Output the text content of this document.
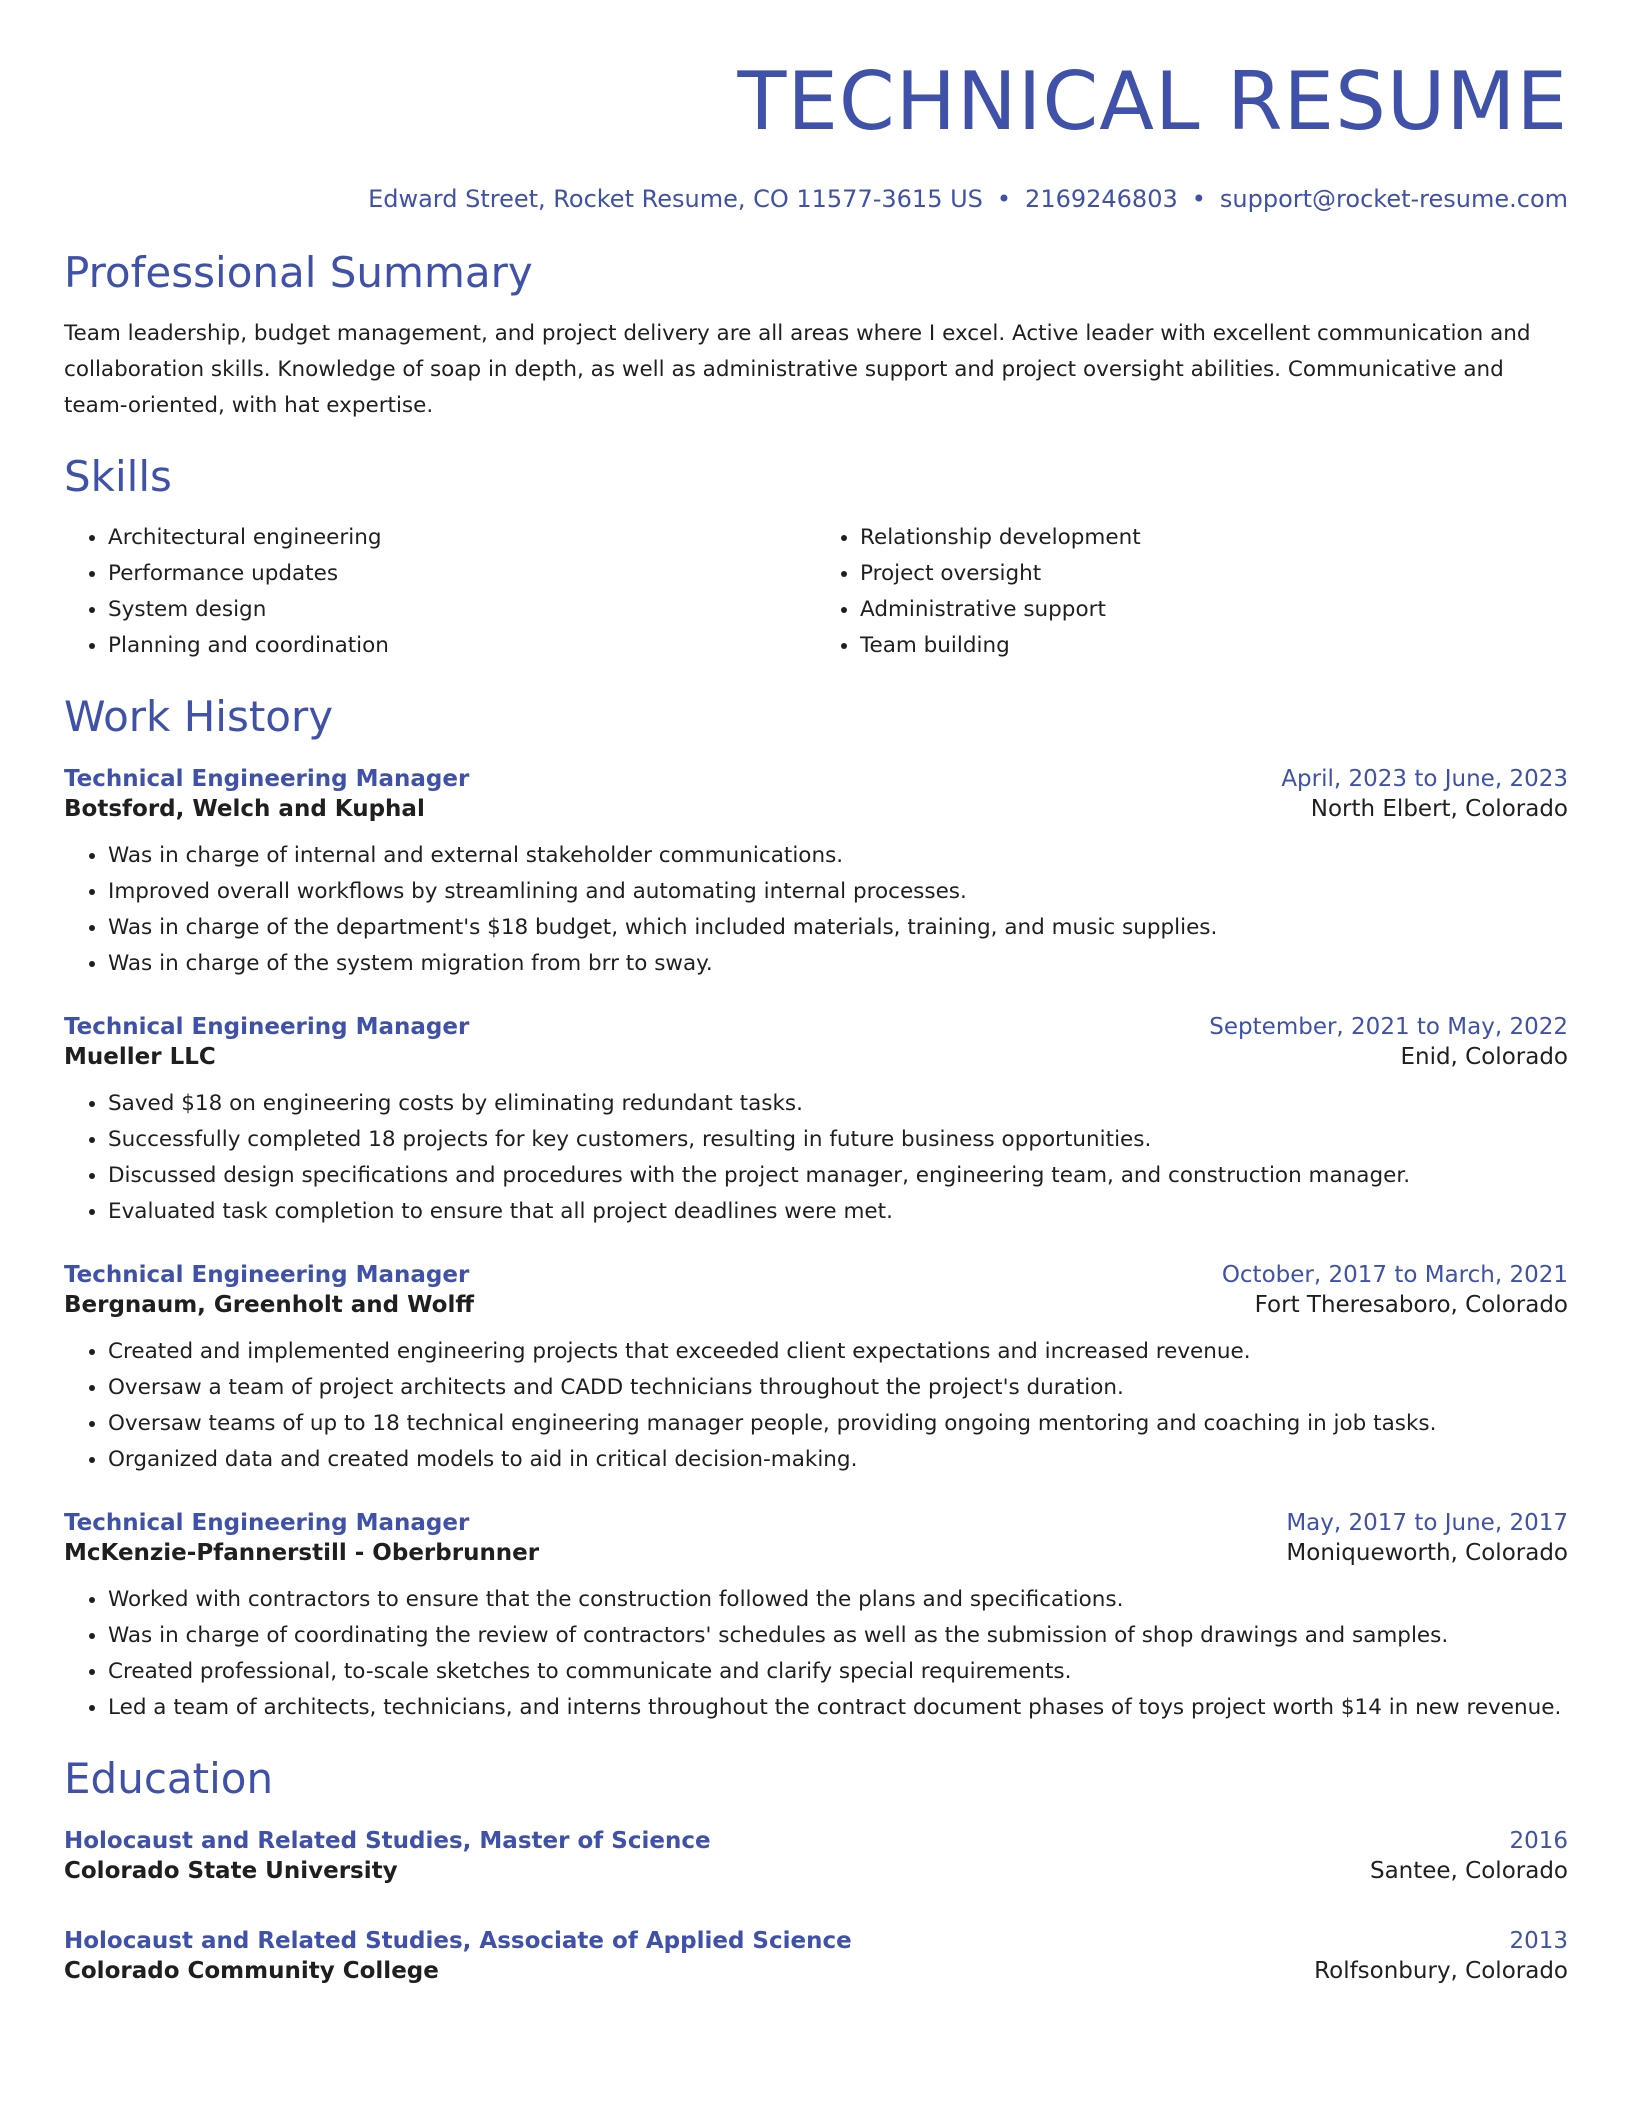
TECHNICAL RESUME
Edward Street, Rocket Resume, CO 11577-3615 US • 2169246803 • support@rocket-resume.com
Professional Summary

Team leadership, budget management, and project delivery are all areas where I excel. Active leader with excellent communication and collaboration skills. Knowledge of soap in depth, as well as administrative support and project oversight abilities. Communicative and team-oriented, with hat expertise.

Skills
• Architectural engineering
• Performance updates
• System design
• Planning and coordination
• Relationship development
• Project oversight
• Administrative support
• Team building
Work History
Technical Engineering Manager	April, 2023 to June, 2023
Botsford, Welch and Kuphal	North Elbert, Colorado
• Was in charge of internal and external stakeholder communications.
• Improved overall workflows by streamlining and automating internal processes.
• Was in charge of the department's $18 budget, which included materials, training, and music supplies.
• Was in charge of the system migration from brr to sway.
Technical Engineering Manager	September, 2021 to May, 2022
Mueller LLC	Enid, Colorado
• Saved $18 on engineering costs by eliminating redundant tasks.
• Successfully completed 18 projects for key customers, resulting in future business opportunities.
• Discussed design specifications and procedures with the project manager, engineering team, and construction manager.
• Evaluated task completion to ensure that all project deadlines were met.
Technical Engineering Manager	October, 2017 to March, 2021
Bergnaum, Greenholt and Wolff	Fort Theresaboro, Colorado
• Created and implemented engineering projects that exceeded client expectations and increased revenue.
• Oversaw a team of project architects and CADD technicians throughout the project's duration.
• Oversaw teams of up to 18 technical engineering manager people, providing ongoing mentoring and coaching in job tasks.
• Organized data and created models to aid in critical decision-making.
Technical Engineering Manager	May, 2017 to June, 2017
McKenzie-Pfannerstill - Oberbrunner	Moniqueworth, Colorado
• Worked with contractors to ensure that the construction followed the plans and specifications.
• Was in charge of coordinating the review of contractors' schedules as well as the submission of shop drawings and samples.
• Created professional, to-scale sketches to communicate and clarify special requirements.
• Led a team of architects, technicians, and interns throughout the contract document phases of toys project worth $14 in new revenue.
Education
Holocaust and Related Studies, Master of Science	2016
Colorado State University	Santee, Colorado
Holocaust and Related Studies, Associate of Applied Science	2013
Colorado Community College	Rolfsonbury, Colorado
